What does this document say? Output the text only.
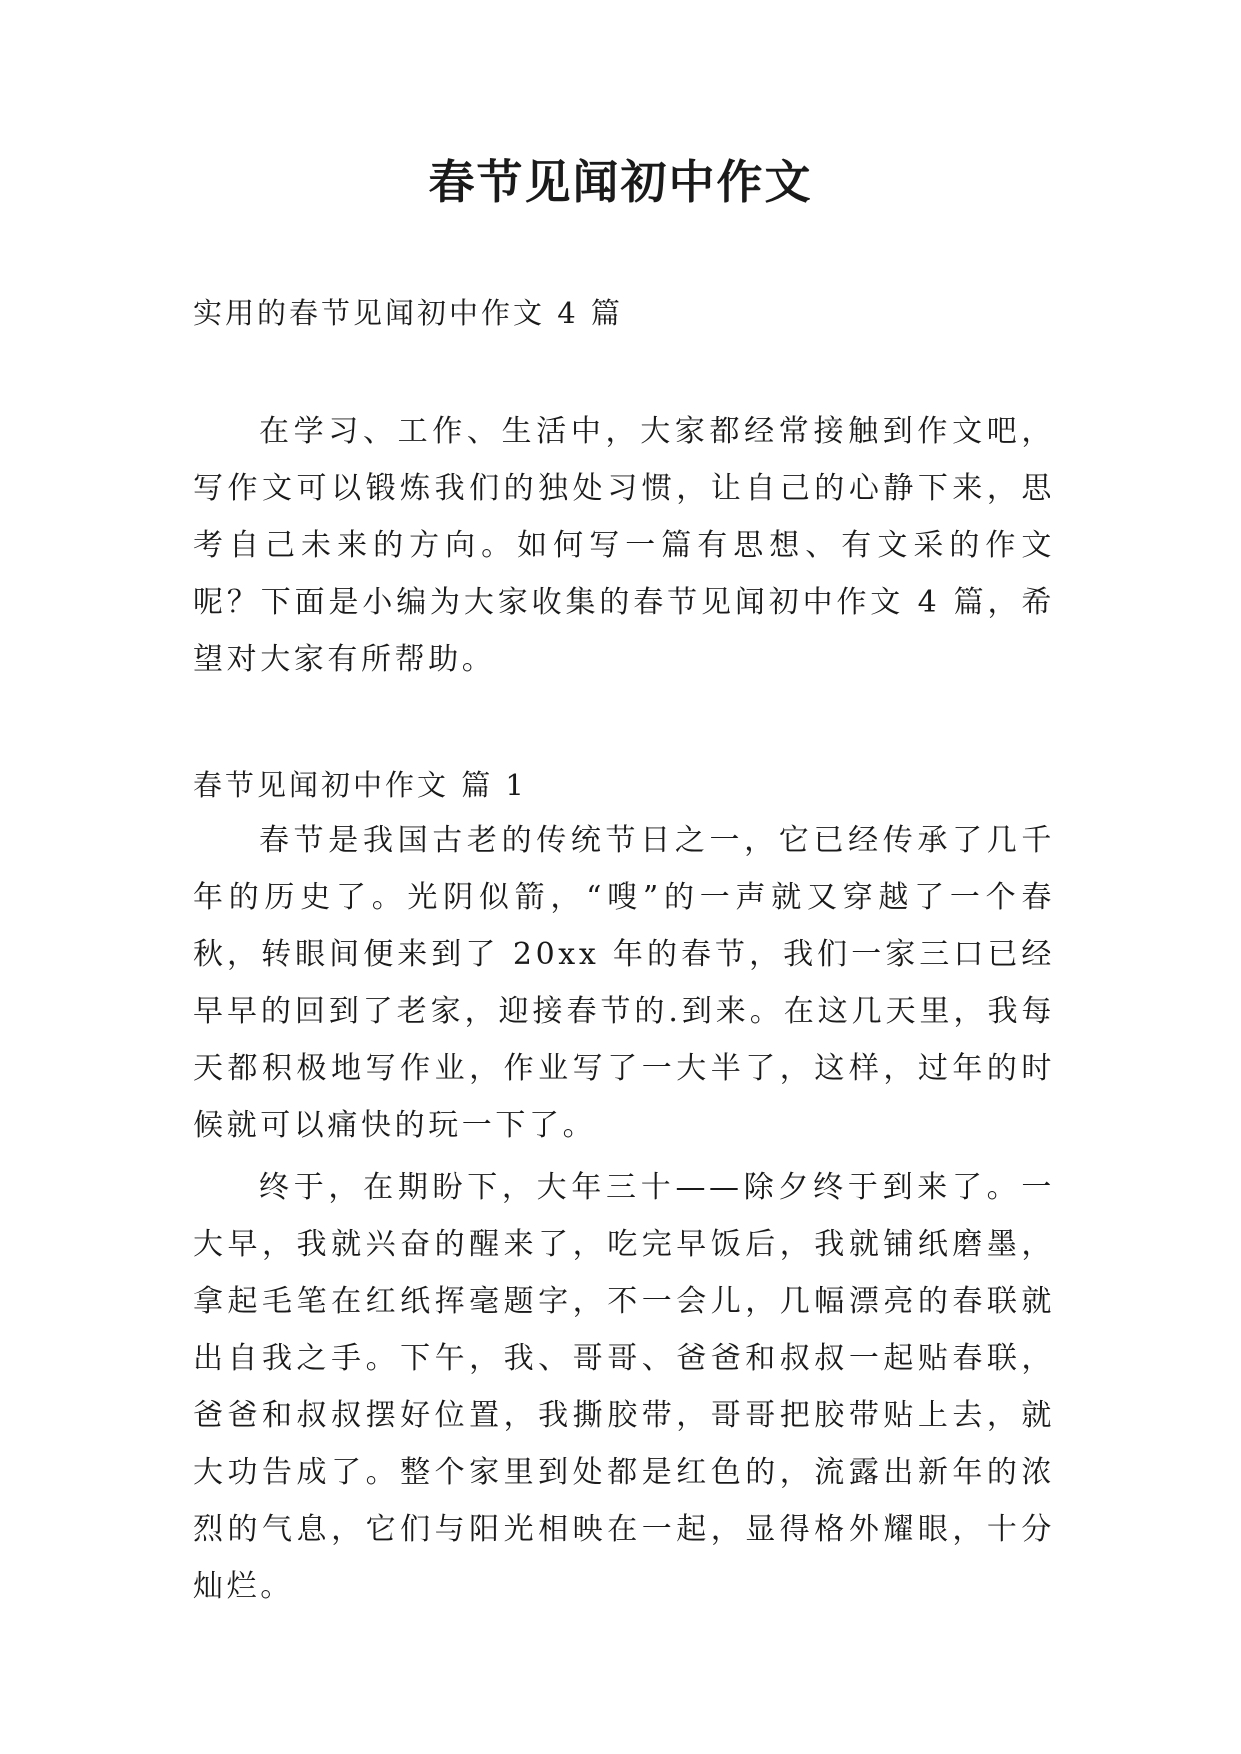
春节见闻初中作文
实用的春节见闻初中作文 4 篇

在学习、工作、生活中，大家都经常接触到作文吧，写作文可以锻炼我们的独处习惯，让自己的心静下来，思考自己未来的方向。如何写一篇有思想、有文采的作文呢？下面是小编为大家收集的春节见闻初中作文 4 篇，希望对大家有所帮助。

春节见闻初中作文 篇 1

春节是我国古老的传统节日之一，它已经传承了几千年的历史了。光阴似箭，“嗖”的一声就又穿越了一个春秋，转眼间便来到了 20xx 年的春节，我们一家三口已经早早的回到了老家，迎接春节的.到来。在这几天里，我每天都积极地写作业，作业写了一大半了，这样，过年的时候就可以痛快的玩一下了。

终于，在期盼下，大年三十——除夕终于到来了。一大早，我就兴奋的醒来了，吃完早饭后，我就铺纸磨墨，拿起毛笔在红纸挥毫题字，不一会儿，几幅漂亮的春联就出自我之手。下午，我、哥哥、爸爸和叔叔一起贴春联，爸爸和叔叔摆好位置，我撕胶带，哥哥把胶带贴上去，就大功告成了。整个家里到处都是红色的，流露出新年的浓烈的气息，它们与阳光相映在一起，显得格外耀眼，十分灿烂。
